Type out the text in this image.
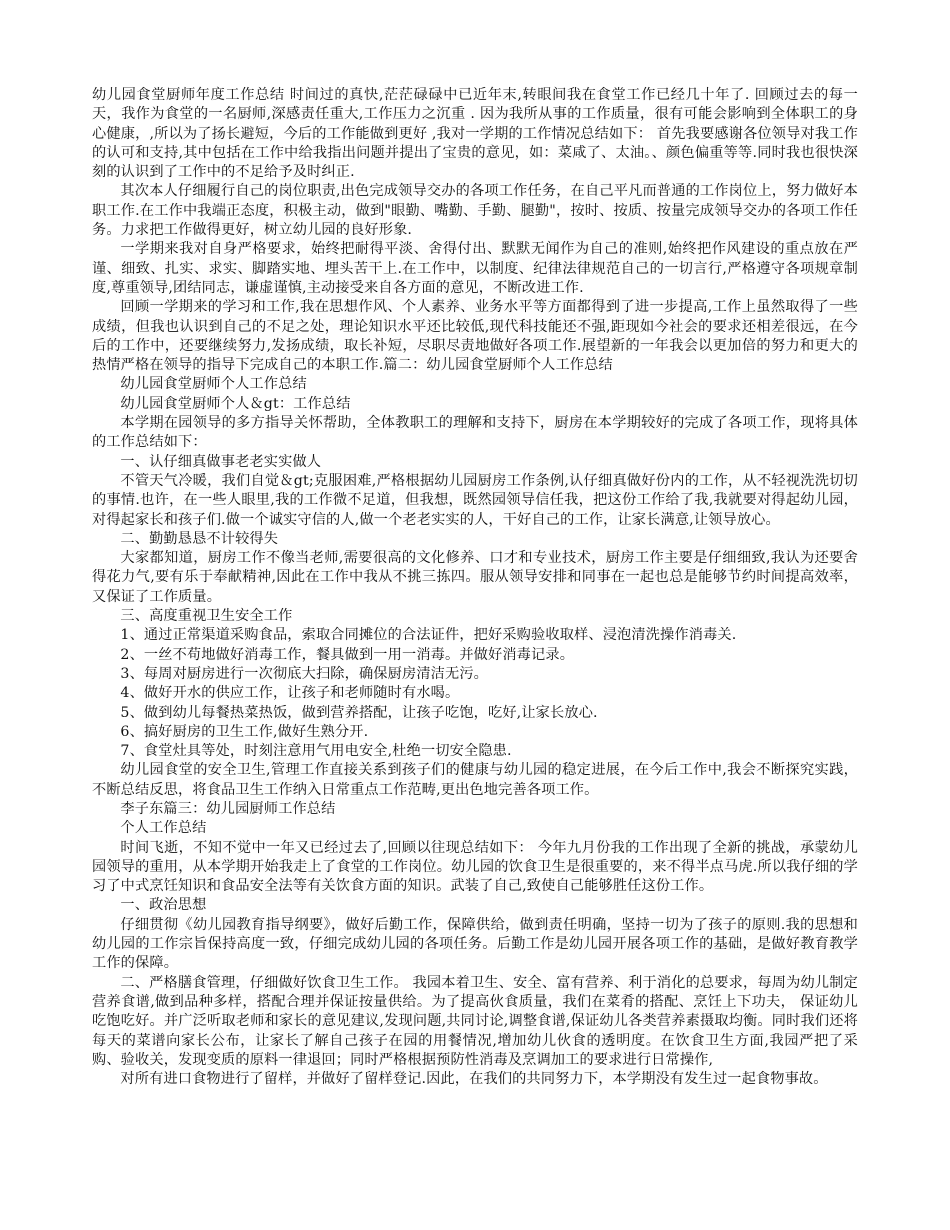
幼儿园食堂厨师年度工作总结 时间过的真快,茫茫碌碌中已近年末,转眼间我在食堂工作已经几十年了. 回顾过去的每一天，我作为食堂的一名厨师,深感责任重大,工作压力之沉重 . 因为我所从事的工作质量，很有可能会影响到全体职工的身心健康，,所以为了扬长避短，今后的工作能做到更好 ,我对一学期的工作情况总结如下： 首先我要感谢各位领导对我工作的认可和支持,其中包括在工作中给我指出问题并提出了宝贵的意见，如：菜咸了、太油。、颜色偏重等等.同时我也很快深刻的认识到了工作中的不足给予及时纠正.

其次本人仔细履行自己的岗位职责,出色完成领导交办的各项工作任务，在自己平凡而普通的工作岗位上，努力做好本职工作.在工作中我端正态度，积极主动，做到"眼勤、嘴勤、手勤、腿勤"，按时、按质、按量完成领导交办的各项工作任务。力求把工作做得更好，树立幼儿园的良好形象.

一学期来我对自身严格要求，始终把耐得平淡、舍得付出、默默无闻作为自己的准则,始终把作风建设的重点放在严谨、细致、扎实、求实、脚踏实地、埋头苦干上.在工作中，以制度、纪律法律规范自己的一切言行,严格遵守各项规章制度,尊重领导,团结同志，谦虚谨慎,主动接受来自各方面的意见，不断改进工作.

回顾一学期来的学习和工作,我在思想作风、个人素养、业务水平等方面都得到了进一步提高,工作上虽然取得了一些成绩，但我也认识到自己的不足之处，理论知识水平还比较低,现代科技能还不强,距现如今社会的要求还相差很远，在今后的工作中，还要继续努力,发扬成绩，取长补短，尽职尽责地做好各项工作.展望新的一年我会以更加倍的努力和更大的热情严格在领导的指导下完成自己的本职工作.篇二：幼儿园食堂厨师个人工作总结

幼儿园食堂厨师个人工作总结

幼儿园食堂厨师个人＆gt：工作总结

本学期在园领导的多方指导关怀帮助，全体教职工的理解和支持下，厨房在本学期较好的完成了各项工作，现将具体的工作总结如下：

一、认仔细真做事老老实实做人

不管天气冷暖，我们自觉＆gt;克服困难,严格根据幼儿园厨房工作条例,认仔细真做好份内的工作，从不轻视洗洗切切的事情.也许，在一些人眼里,我的工作微不足道，但我想，既然园领导信任我，把这份工作给了我,我就要对得起幼儿园，对得起家长和孩子们.做一个诚实守信的人,做一个老老实实的人，干好自己的工作，让家长满意,让领导放心。

二、勤勤恳恳不计较得失

大家都知道，厨房工作不像当老师,需要很高的文化修养、口才和专业技术，厨房工作主要是仔细细致,我认为还要舍得花力气,要有乐于奉献精神,因此在工作中我从不挑三拣四。服从领导安排和同事在一起也总是能够节约时间提高效率，又保证了工作质量。

三、高度重视卫生安全工作

1、通过正常渠道采购食品，索取合同摊位的合法证件，把好采购验收取样、浸泡清洗操作消毒关.

2、一丝不苟地做好消毒工作，餐具做到一用一消毒。并做好消毒记录。

3、每周对厨房进行一次彻底大扫除，确保厨房清洁无污。

4、做好开水的供应工作，让孩子和老师随时有水喝。

5、做到幼儿每餐热菜热饭，做到营养搭配，让孩子吃饱，吃好,让家长放心.

6、搞好厨房的卫生工作,做好生熟分开.

7、食堂灶具等处，时刻注意用气用电安全,杜绝一切安全隐患.

幼儿园食堂的安全卫生,管理工作直接关系到孩子们的健康与幼儿园的稳定进展，在今后工作中,我会不断探究实践，不断总结反思，将食品卫生工作纳入日常重点工作范畴,更出色地完善各项工作。

李子东篇三：幼儿园厨师工作总结

个人工作总结

时间飞逝，不知不觉中一年又已经过去了,回顾以往现总结如下： 今年九月份我的工作出现了全新的挑战，承蒙幼儿园领导的重用，从本学期开始我走上了食堂的工作岗位。幼儿园的饮食卫生是很重要的，来不得半点马虎.所以我仔细的学习了中式烹饪知识和食品安全法等有关饮食方面的知识。武装了自己,致使自己能够胜任这份工作。

一、政治思想

仔细贯彻《幼儿园教育指导纲要》，做好后勤工作，保障供给，做到责任明确，坚持一切为了孩子的原则.我的思想和幼儿园的工作宗旨保持高度一致，仔细完成幼儿园的各项任务。后勤工作是幼儿园开展各项工作的基础，是做好教育教学工作的保障。

二、严格膳食管理，仔细做好饮食卫生工作。 我园本着卫生、安全、富有营养、利于消化的总要求，每周为幼儿制定营养食谱,做到品种多样，搭配合理并保证按量供给。为了提高伙食质量，我们在菜肴的搭配、烹饪上下功夫， 保证幼儿吃饱吃好。并广泛听取老师和家长的意见建议,发现问题,共同讨论,调整食谱,保证幼儿各类营养素摄取均衡。同时我们还将每天的菜谱向家长公布，让家长了解自己孩子在园的用餐情况,增加幼儿伙食的透明度。在饮食卫生方面,我园严把了采购、验收关，发现变质的原料一律退回；同时严格根据预防性消毒及烹调加工的要求进行日常操作,

对所有进口食物进行了留样，并做好了留样登记.因此，在我们的共同努力下，本学期没有发生过一起食物事故。
